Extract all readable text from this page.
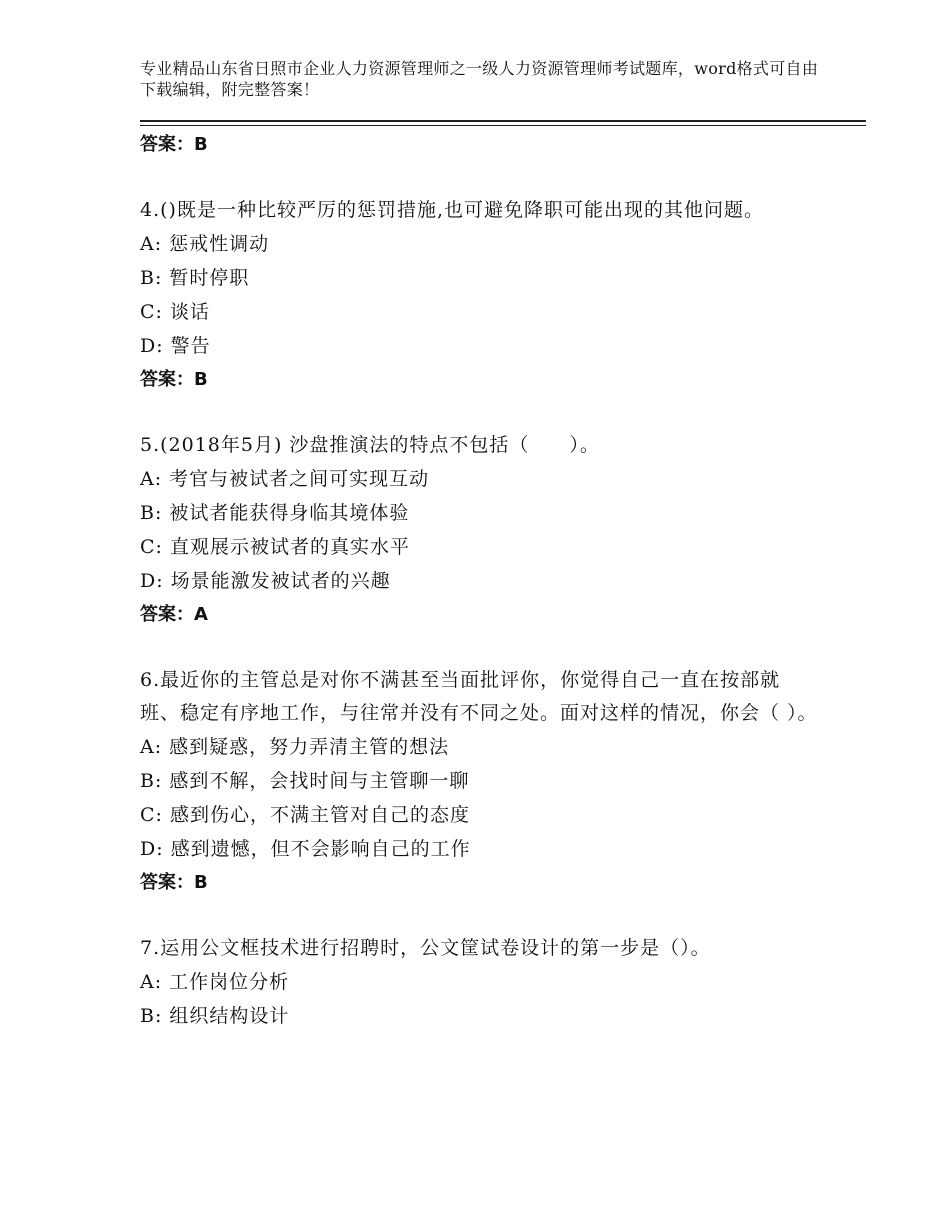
专业精品山东省日照市企业人力资源管理师之一级人力资源管理师考试题库，word格式可自由下载编辑，附完整答案！
答案：B
4.()既是一种比较严厉的惩罚措施,也可避免降职可能出现的其他问题。
A: 惩戒性调动
B: 暂时停职
C: 谈话
D: 警告
答案：B
5.(2018年5月) 沙盘推演法的特点不包括（　　）。
A: 考官与被试者之间可实现互动
B: 被试者能获得身临其境体验
C: 直观展示被试者的真实水平
D: 场景能激发被试者的兴趣
答案：A
6.最近你的主管总是对你不满甚至当面批评你，你觉得自己一直在按部就班、稳定有序地工作，与往常并没有不同之处。面对这样的情况，你会（ ）。
A: 感到疑惑，努力弄清主管的想法
B: 感到不解，会找时间与主管聊一聊
C: 感到伤心，不满主管对自己的态度
D: 感到遗憾，但不会影响自己的工作
答案：B
7.运用公文框技术进行招聘时，公文筐试卷设计的第一步是（）。
A: 工作岗位分析
B: 组织结构设计
